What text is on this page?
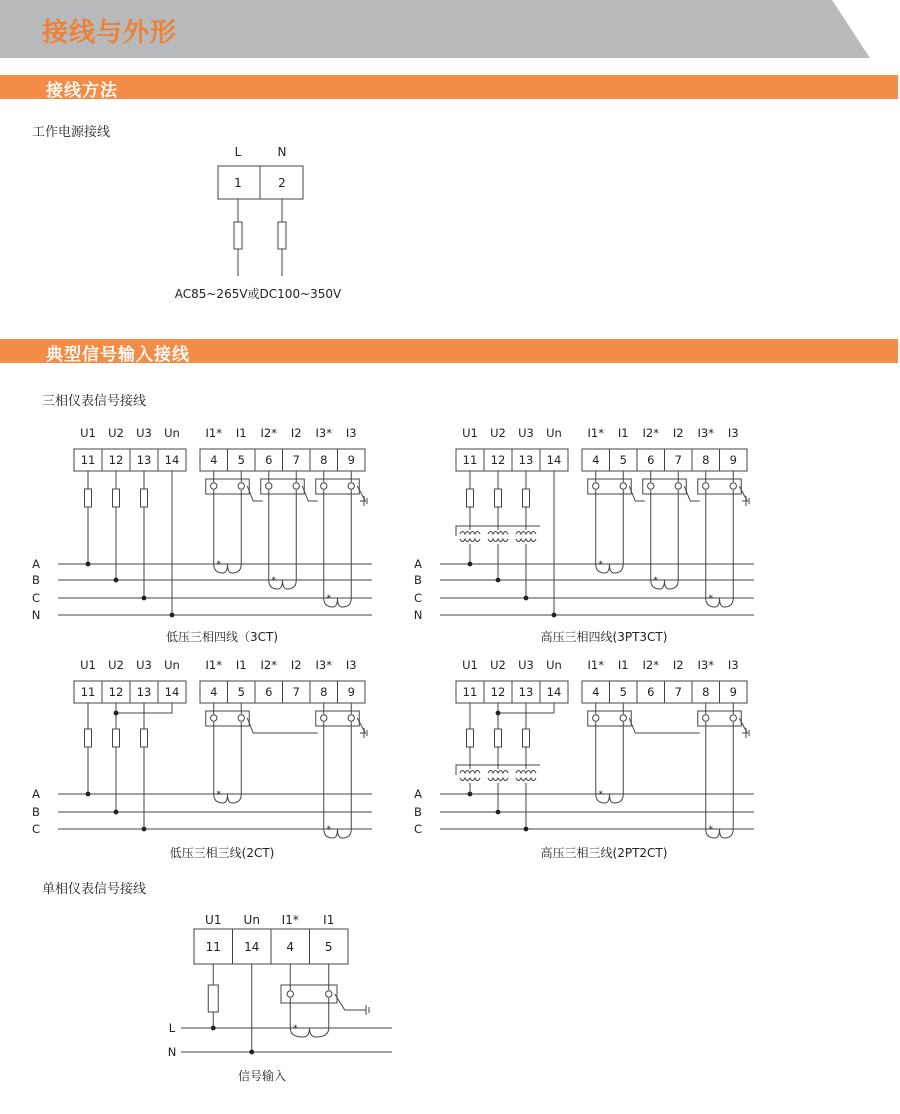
接线与外形
接线方法
典型信号输入接线
工作电源接线
三相仪表信号接线
单相仪表信号接线
L	N
1	2
AC85~265V或DC100~350V
U1 U2 U3 Un I1* I1 I2* I2 I3* I3
11 12 13 14	4 5 6 7 8 9
A
B
C
N
*
*
*
低压三相四线（3CT)
U1 U2 U3 Un I1* I1 I2* I2 I3* I3
11 12 13 14	4 5 6 7 8 9
A
B
C
N
*
*
*
高压三相四线(3PT3CT)
U1 U2 U3 Un I1* I1 I2* I2 I3* I3
11 12 13 14	4 5 6 7 8 9
A
B
C
*
*
低压三相三线(2CT)
U1 U2 U3 Un I1* I1 I2* I2 I3* I3
11 12 13 14	4 5 6 7 8 9
A
B
C
*
*
高压三相三线(2PT2CT)
U1 Un I1* I1
11 14 4	5
L
N
*
信号输入
